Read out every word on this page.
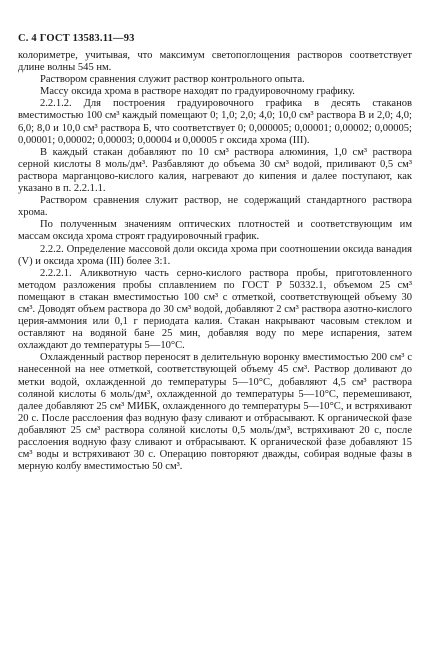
С. 4 ГОСТ 13583.11—93

колориметре, учитывая, что максимум светопоглощения растворов соответствует длине волны 545 нм.

Раствором сравнения служит раствор контрольного опыта.

Массу оксида хрома в растворе находят по градуировочному графику.

2.2.1.2. Для построения градуировочного графика в десять стаканов вместимостью 100 см³ каждый помещают 0; 1,0; 2,0; 4,0; 10,0 см³ раствора В и 2,0; 4,0; 6,0; 8,0 и 10,0 см³ раствора Б, что соответствует 0; 0,000005; 0,00001; 0,00002; 0,00005; 0,00001; 0,00002; 0,00003; 0,00004 и 0,00005 г оксида хрома (III).

В каждый стакан добавляют по 10 см³ раствора алюминия, 1,0 см³ раствора серной кислоты 8 моль/дм³. Разбавляют до объема 30 см³ водой, приливают 0,5 см³ раствора марганцово-кислого калия, нагревают до кипения и далее поступают, как указано в п. 2.2.1.1.

Раствором сравнения служит раствор, не содержащий стандартного раствора хрома.

По полученным значениям оптических плотностей и соответствующим им массам оксида хрома строят градуировочный график.

2.2.2. Определение массовой доли оксида хрома при соотношении оксида ванадия (V) и оксида хрома (III) более 3:1.

2.2.2.1. Аликвотную часть серно-кислого раствора пробы, приготовленного методом разложения пробы сплавлением по ГОСТ Р 50332.1, объемом 25 см³ помещают в стакан вместимостью 100 см³ с отметкой, соответствующей объему 30 см³. Доводят объем раствора до 30 см³ водой, добавляют 2 см³ раствора азотно-кислого церия-аммония или 0,1 г периодата калия. Стакан накрывают часовым стеклом и оставляют на водяной бане 25 мин, добавляя воду по мере испарения, затем охлаждают до температуры 5—10°С.

Охлажденный раствор переносят в делительную воронку вместимостью 200 см³ с нанесенной на нее отметкой, соответствующей объему 45 см³. Раствор доливают до метки водой, охлажденной до температуры 5—10°С, добавляют 4,5 см³ раствора соляной кислоты 6 моль/дм³, охлажденной до температуры 5—10°С, перемешивают, далее добавляют 25 см³ МИБК, охлажденного до температуры 5—10°С, и встряхивают 20 с. После расслоения фаз водную фазу сливают и отбрасывают. К органической фазе добавляют 25 см³ раствора соляной кислоты 0,5 моль/дм³, встряхивают 20 с, после расслоения водную фазу сливают и отбрасывают. К органической фазе добавляют 15 см³ воды и встряхивают 30 с. Операцию повторяют дважды, собирая водные фазы в мерную колбу вместимостью 50 см³.
